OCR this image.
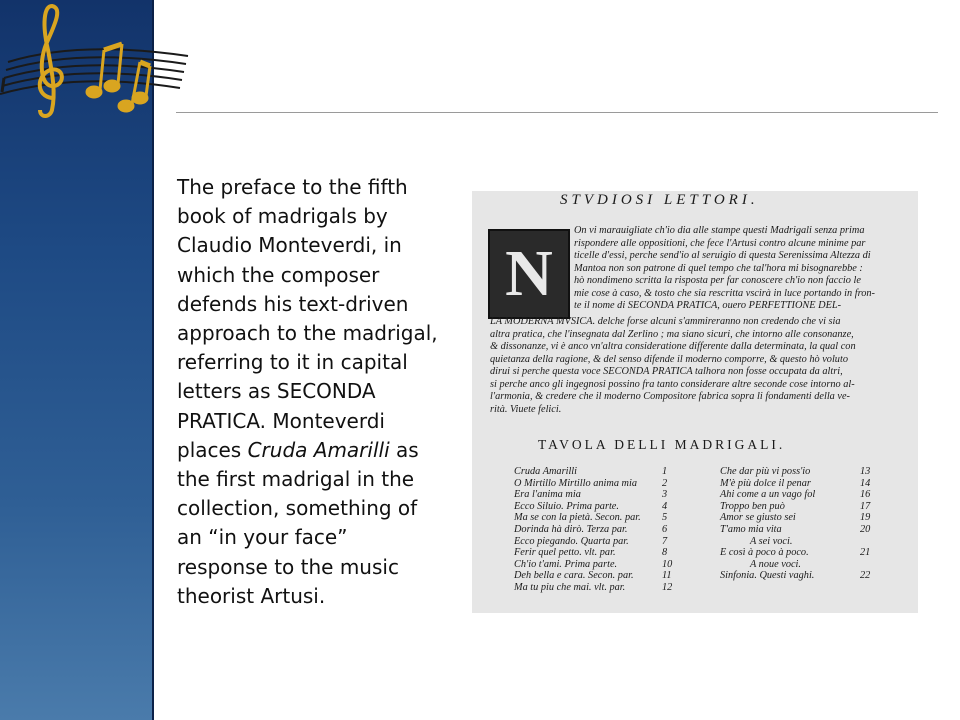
The preface to the fifth book of madrigals by Claudio Monteverdi, in which the composer defends his text-driven approach to the madrigal, referring to it in capital letters as SECONDA PRATICA. Monteverdi places Cruda Amarilli as the first madrigal in the collection, something of an “in your face” response to the music theorist Artusi.

STVDIOSI LETTORI.
N
On vi marauigliate ch'io dia alle stampe questi Madrigali senza prima
rispondere alle oppositioni, che fece l'Artusi contro alcune minime par
ticelle d'essi, perche send'io al seruigio di questa Serenissima Altezza di
Mantoa non son patrone di quel tempo che tal'hora mi bisognarebbe :
hò nondimeno scritta la risposta per far conoscere ch'io non faccio le
mie cose à caso, & tosto che sia rescritta vscirà in luce portando in fron-
te il nome di SECONDA PRATICA, ouero PERFETTIONE DEL-
LA MODERNA MVSICA. delche forse alcuni s'ammireranno non credendo che vi sia
altra pratica, che l'insegnata dal Zerlino ; ma siano sicuri, che intorno alle consonanze,
& dissonanze, vi è anco vn'altra consideratione differente dalla determinata, la qual con
quietanza della ragione, & del senso difende il moderno comporre, & questo hò voluto
dirui si perche questa voce SECONDA PRATICA talhora non fosse occupata da altri,
si perche anco gli ingegnosi possino fra tanto considerare altre seconde cose intorno al-
l'armonia, & credere che il moderno Compositore fabrica sopra li fondamenti della ve-
rità. Viuete felici.
TAVOLA DELLI MADRIGALI.
Cruda Amarilli	1
O Mirtillo Mirtillo anima mia 2
Era l'anima mia	3
Ecco Siluio. Prima parte.	4
Ma se con la pietà. Secon. par. 5
Dorinda hà dirò. Terza par.	6
Ecco piegando. Quarta par.	7
Ferir quel petto. vlt. par.	8
Ch'io t'ami. Prima parte.	10
Deh bella e cara. Secon. par.	11
Ma tu piu che mai. vlt. par.	12
Che dar più vi poss'io	13
M'è più dolce il penar	14
Ahi come a un vago fol	16
Troppo ben può	17
Amor se giusto sei	19
T'amo mia vita	20
A sei voci.
E così à poco à poco.	21
A noue voci.
Sinfonia. Questi vaghi.	22
